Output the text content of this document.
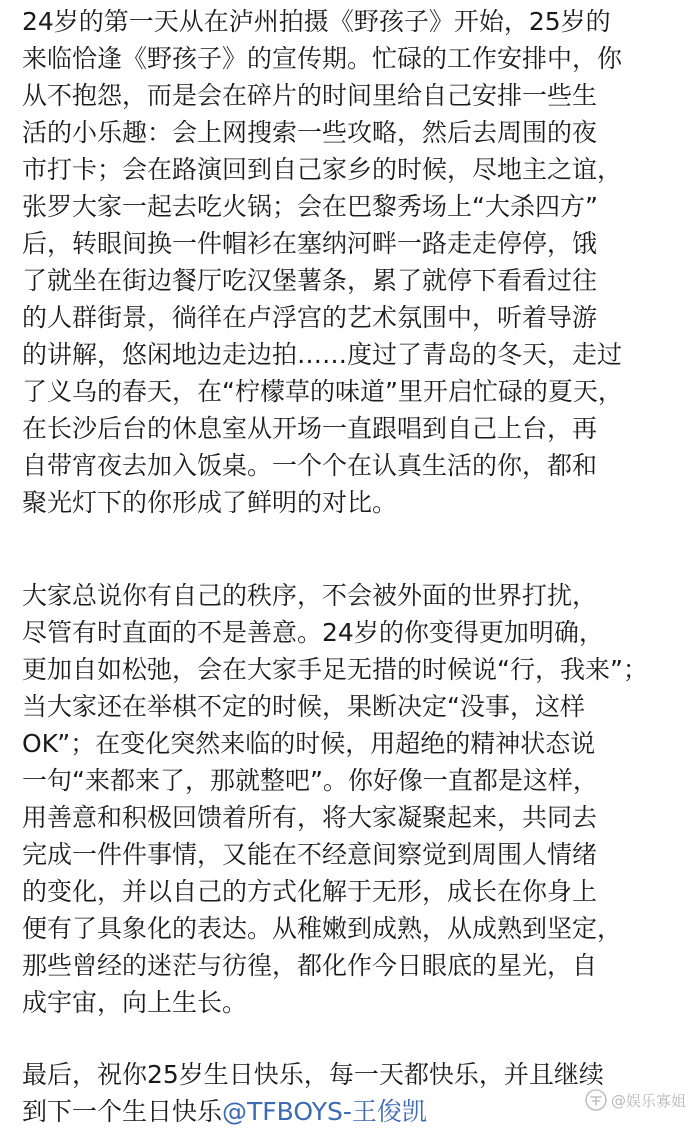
24岁的第一天从在泸州拍摄《野孩子》开始，25岁的
来临恰逢《野孩子》的宣传期。忙碌的工作安排中，你
从不抱怨，而是会在碎片的时间里给自己安排一些生
活的小乐趣：会上网搜索一些攻略，然后去周围的夜
市打卡；会在路演回到自己家乡的时候，尽地主之谊，
张罗大家一起去吃火锅；会在巴黎秀场上“大杀四方”
后，转眼间换一件帽衫在塞纳河畔一路走走停停，饿
了就坐在街边餐厅吃汉堡薯条，累了就停下看看过往
的人群街景，徜徉在卢浮宫的艺术氛围中，听着导游
的讲解，悠闲地边走边拍……度过了青岛的冬天，走过
了义乌的春天，在“柠檬草的味道”里开启忙碌的夏天，
在长沙后台的休息室从开场一直跟唱到自己上台，再
自带宵夜去加入饭桌。一个个在认真生活的你，都和
聚光灯下的你形成了鲜明的对比。
大家总说你有自己的秩序，不会被外面的世界打扰，
尽管有时直面的不是善意。24岁的你变得更加明确，
更加自如松弛，会在大家手足无措的时候说“行，我来”；
当大家还在举棋不定的时候，果断决定“没事，这样
OK”；在变化突然来临的时候，用超绝的精神状态说
一句“来都来了，那就整吧”。你好像一直都是这样，
用善意和积极回馈着所有，将大家凝聚起来，共同去
完成一件件事情，又能在不经意间察觉到周围人情绪
的变化，并以自己的方式化解于无形，成长在你身上
便有了具象化的表达。从稚嫩到成熟，从成熟到坚定，
那些曾经的迷茫与彷徨，都化作今日眼底的星光，自
成宇宙，向上生长。
最后，祝你25岁生日快乐，每一天都快乐，并且继续
到下一个生日快乐@TFBOYS-王俊凯	@娱乐寡姐
